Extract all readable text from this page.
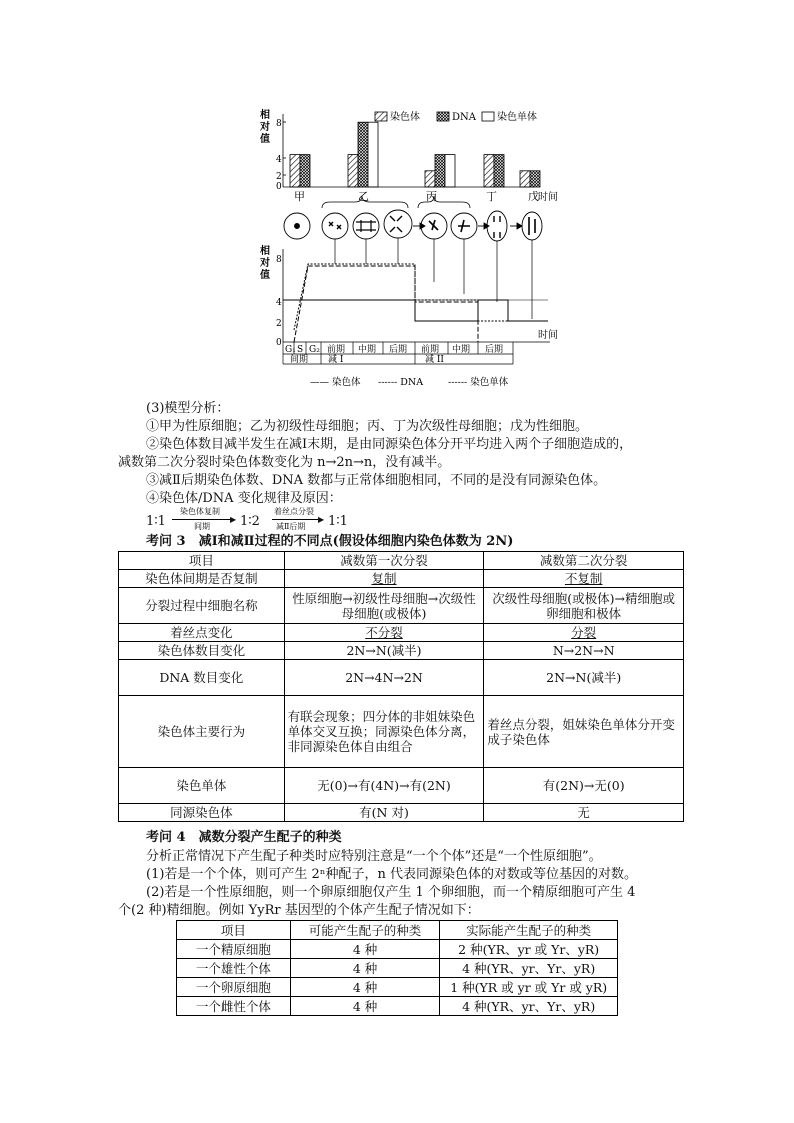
染色体	DNA 染色单体
相
对
值
8
4
2
0
甲	乙	丙	丁	戊 时间
相
对
值
8
4
2
0
时间
G₁ S G₂ 前期 中期 后期 前期 中期 后期
间期 减 I	减 II
—— 染色体 ------ DNA	------ 染色单体
(3)模型分析：
①甲为性原细胞；乙为初级性母细胞；丙、丁为次级性母细胞；戊为性细胞。
②染色体数目减半发生在减Ⅰ末期，是由同源染色体分开平均进入两个子细胞造成的，
减数第二次分裂时染色体数变化为 n→2n→n，没有减半。
③减Ⅱ后期染色体数、DNA 数都与正常体细胞相同，不同的是没有同源染色体。
④染色体/DNA 变化规律及原因：
1∶1
染色体复制
▶
间期 1∶2
着丝点分裂
▶
减Ⅱ后期 1∶1
考问 3　减Ⅰ和减Ⅱ过程的不同点(假设体细胞内染色体数为 2N)
项目	减数第一次分裂	减数第二次分裂
染色体间期是否复制	复制	不复制
分裂过程中细胞名称	性原细胞→初级性母细胞→次级性母细胞(或极体)	次级性母细胞(或极体)→精细胞或卵细胞和极体
着丝点变化	不分裂	分裂
染色体数目变化	2N→N(减半)	N→2N→N
DNA 数目变化	2N→4N→2N	2N→N(减半)
染色体主要行为	有联会现象；四分体的非姐妹染色单体交叉互换；同源染色体分离，非同源染色体自由组合	着丝点分裂，姐妹染色单体分开变成子染色体
染色单体	无(0)→有(4N)→有(2N)	有(2N)→无(0)
同源染色体	有(N 对)	无
考问 4　减数分裂产生配子的种类
分析正常情况下产生配子种类时应特别注意是“一个个体”还是“一个性原细胞”。
(1)若是一个个体，则可产生 2ⁿ种配子，n 代表同源染色体的对数或等位基因的对数。
(2)若是一个性原细胞，则一个卵原细胞仅产生 1 个卵细胞，而一个精原细胞可产生 4
个(2 种)精细胞。例如 YyRr 基因型的个体产生配子情况如下：
项目	可能产生配子的种类	实际能产生配子的种类
一个精原细胞	4 种	2 种(YR、yr 或 Yr、yR)
一个雄性个体	4 种	4 种(YR、yr、Yr、yR)
一个卵原细胞	4 种	1 种(YR 或 yr 或 Yr 或 yR)
一个雌性个体	4 种	4 种(YR、yr、Yr、yR)
